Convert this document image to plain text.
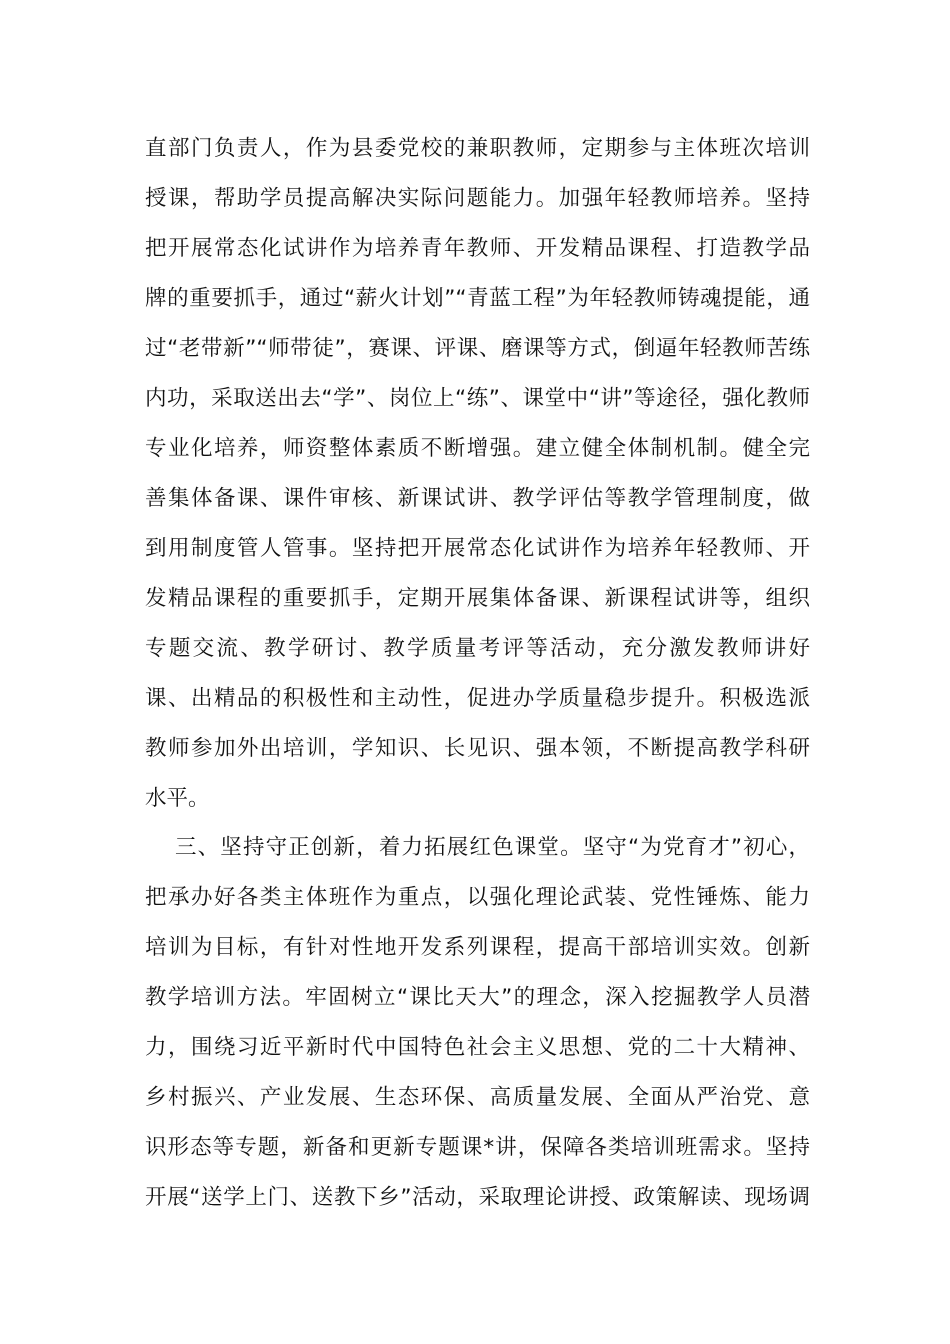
直部门负责人，作为县委党校的兼职教师，定期参与主体班次培训
授课，帮助学员提高解决实际问题能力。加强年轻教师培养。坚持
把开展常态化试讲作为培养青年教师、开发精品课程、打造教学品
牌的重要抓手，通过“薪火计划”“青蓝工程”为年轻教师铸魂提能，通
过“老带新”“师带徒”，赛课、评课、磨课等方式，倒逼年轻教师苦练
内功，采取送出去“学”、岗位上“练”、课堂中“讲”等途径，强化教师
专业化培养，师资整体素质不断增强。建立健全体制机制。健全完
善集体备课、课件审核、新课试讲、教学评估等教学管理制度，做
到用制度管人管事。坚持把开展常态化试讲作为培养年轻教师、开
发精品课程的重要抓手，定期开展集体备课、新课程试讲等，组织
专题交流、教学研讨、教学质量考评等活动，充分激发教师讲好
课、出精品的积极性和主动性，促进办学质量稳步提升。积极选派
教师参加外出培训，学知识、长见识、强本领，不断提高教学科研
水平。
三、坚持守正创新，着力拓展红色课堂。坚守“为党育才”初心，
把承办好各类主体班作为重点，以强化理论武装、党性锤炼、能力
培训为目标，有针对性地开发系列课程，提高干部培训实效。创新
教学培训方法。牢固树立“课比天大”的理念，深入挖掘教学人员潜
力，围绕习近平新时代中国特色社会主义思想、党的二十大精神、
乡村振兴、产业发展、生态环保、高质量发展、全面从严治党、意
识形态等专题，新备和更新专题课*讲，保障各类培训班需求。坚持
开展“送学上门、送教下乡”活动，采取理论讲授、政策解读、现场调
